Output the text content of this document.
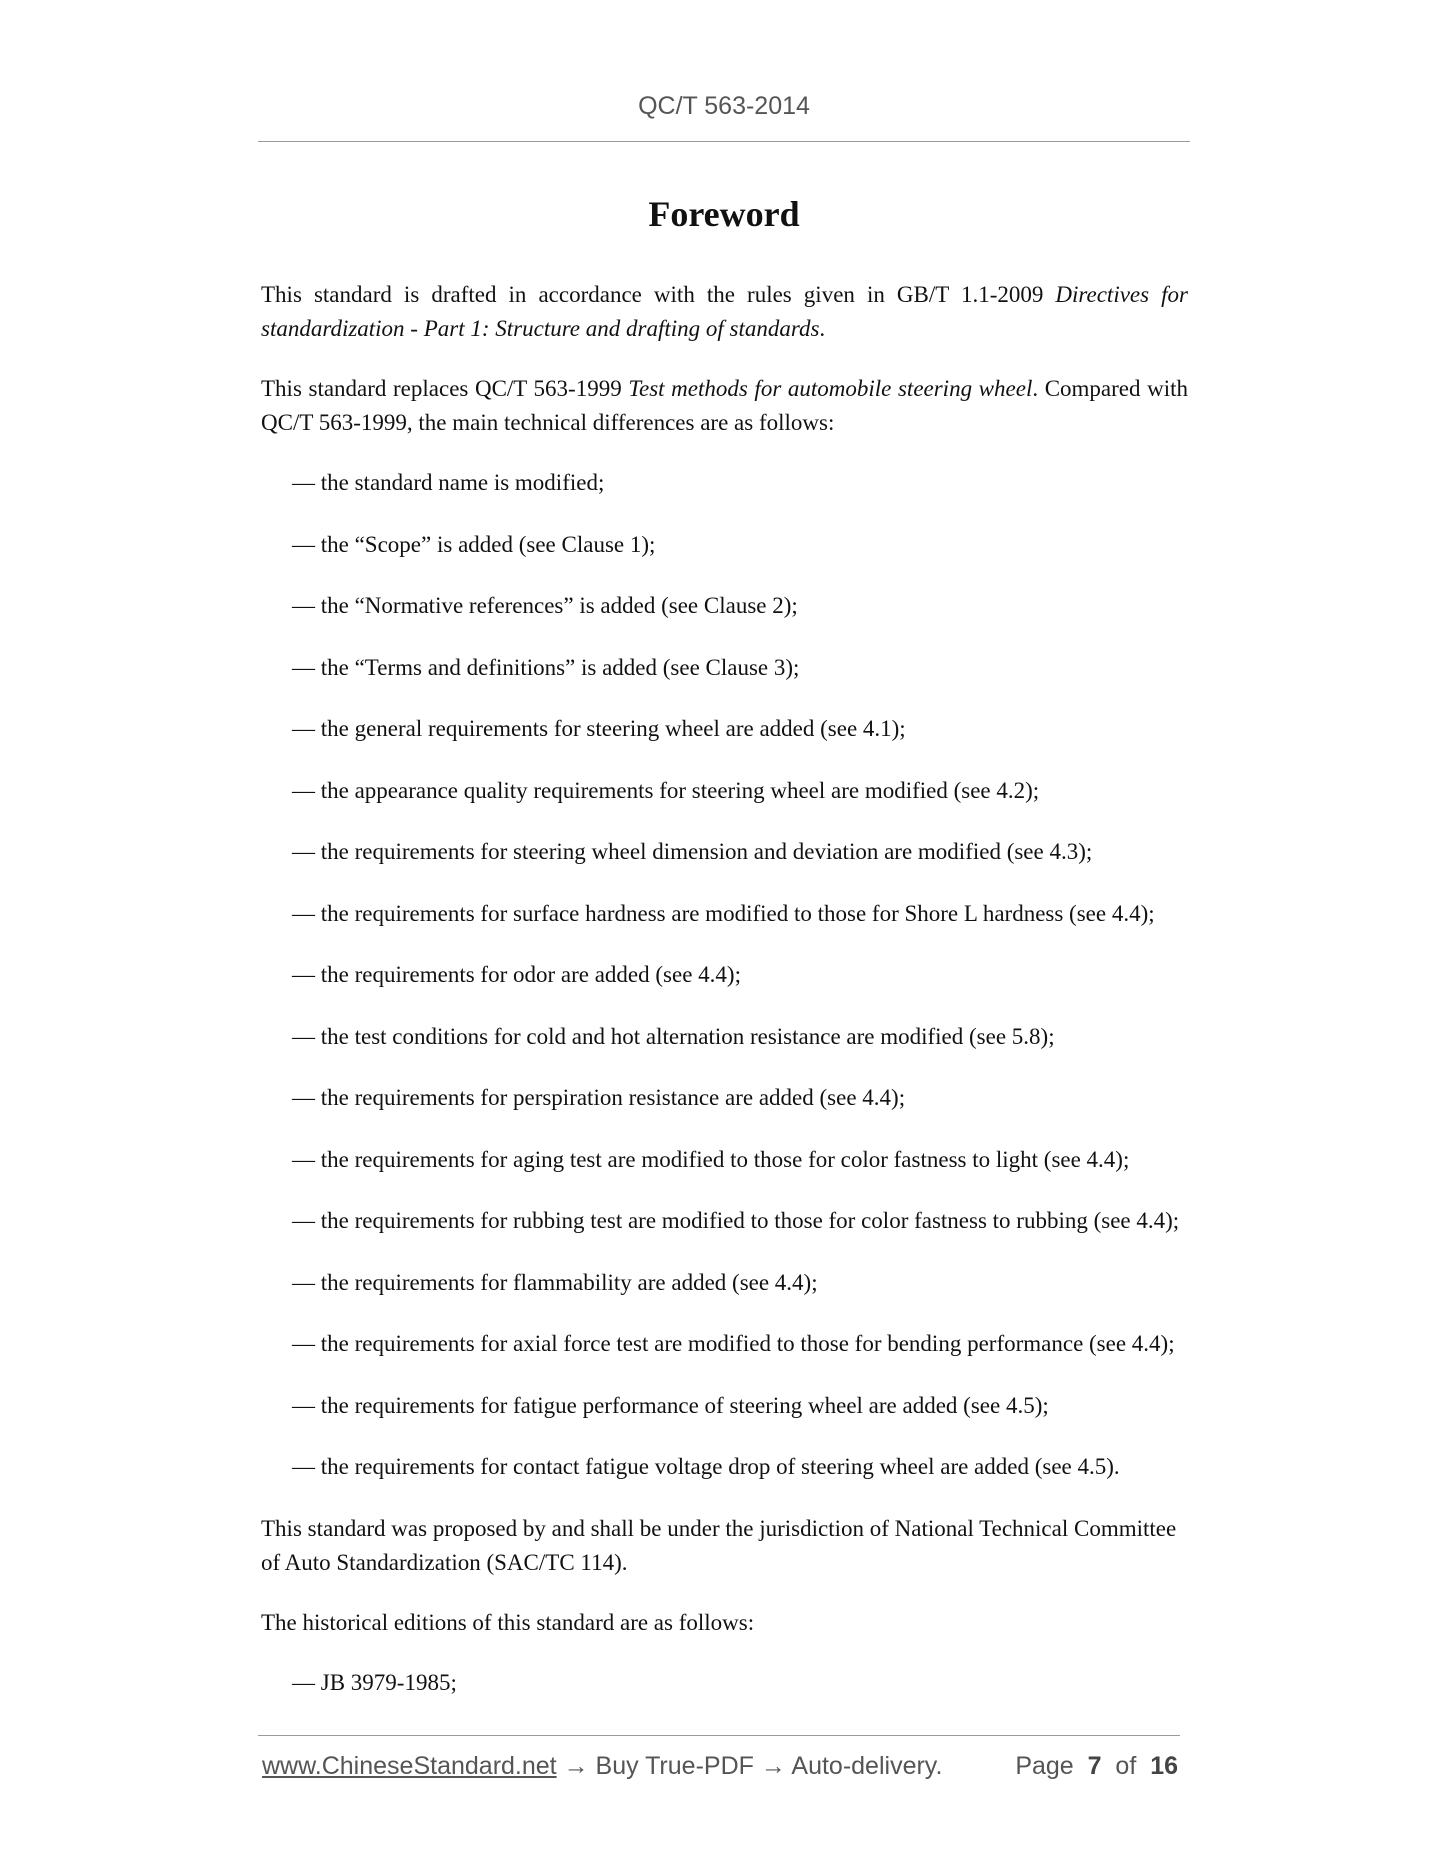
QC/T 563-2014
Foreword

This standard is drafted in accordance with the rules given in GB/T 1.1-2009 Directives for standardization - Part 1: Structure and drafting of standards.

This standard replaces QC/T 563-1999 Test methods for automobile steering wheel. Compared with QC/T 563-1999, the main technical differences are as follows:

— the standard name is modified;
— the “Scope” is added (see Clause 1);
— the “Normative references” is added (see Clause 2);
— the “Terms and definitions” is added (see Clause 3);
— the general requirements for steering wheel are added (see 4.1);
— the appearance quality requirements for steering wheel are modified (see 4.2);
— the requirements for steering wheel dimension and deviation are modified (see 4.3);
— the requirements for surface hardness are modified to those for Shore L hardness (see 4.4);
— the requirements for odor are added (see 4.4);
— the test conditions for cold and hot alternation resistance are modified (see 5.8);
— the requirements for perspiration resistance are added (see 4.4);
— the requirements for aging test are modified to those for color fastness to light (see 4.4);
— the requirements for rubbing test are modified to those for color fastness to rubbing (see 4.4);
— the requirements for flammability are added (see 4.4);
— the requirements for axial force test are modified to those for bending performance (see 4.4);
— the requirements for fatigue performance of steering wheel are added (see 4.5);
— the requirements for contact fatigue voltage drop of steering wheel are added (see 4.5).

This standard was proposed by and shall be under the jurisdiction of National Technical Committee of Auto Standardization (SAC/TC 114).

The historical editions of this standard are as follows:

— JB 3979-1985;
www.ChineseStandard.net → Buy True-PDF → Auto-delivery.	Page 7 of 16
